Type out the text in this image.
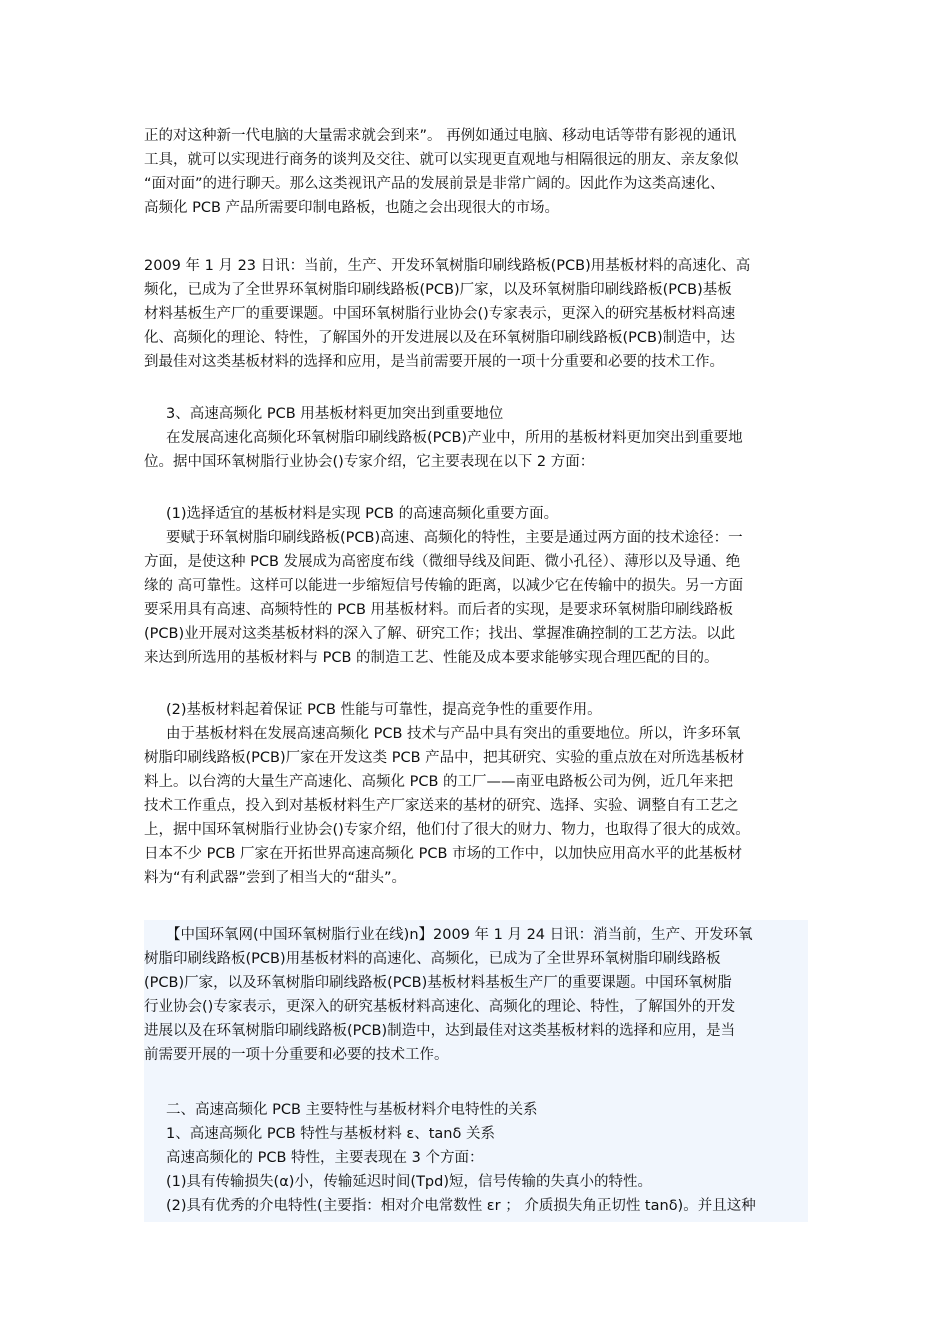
正的对这种新一代电脑的大量需求就会到来”。 再例如通过电脑、移动电话等带有影视的通讯
工具，就可以实现进行商务的谈判及交往、就可以实现更直观地与相隔很远的朋友、亲友象似
“面对面”的进行聊天。那么这类视讯产品的发展前景是非常广阔的。因此作为这类高速化、
高频化 PCB 产品所需要印制电路板，也随之会出现很大的市场。
2009 年 1 月 23 日讯：当前，生产、开发环氧树脂印刷线路板(PCB)用基板材料的高速化、高
频化，已成为了全世界环氧树脂印刷线路板(PCB)厂家，以及环氧树脂印刷线路板(PCB)基板
材料基板生产厂的重要课题。中国环氧树脂行业协会()专家表示，更深入的研究基板材料高速
化、高频化的理论、特性，了解国外的开发进展以及在环氧树脂印刷线路板(PCB)制造中，达
到最佳对这类基板材料的选择和应用，是当前需要开展的一项十分重要和必要的技术工作。
3、高速高频化 PCB 用基板材料更加突出到重要地位
在发展高速化高频化环氧树脂印刷线路板(PCB)产业中，所用的基板材料更加突出到重要地
位。据中国环氧树脂行业协会()专家介绍，它主要表现在以下 2 方面：
(1)选择适宜的基板材料是实现 PCB 的高速高频化重要方面。
要赋于环氧树脂印刷线路板(PCB)高速、高频化的特性，主要是通过两方面的技术途径：一
方面，是使这种 PCB 发展成为高密度布线（微细导线及间距、微小孔径）、薄形以及导通、绝
缘的 高可靠性。这样可以能进一步缩短信号传输的距离，以减少它在传输中的损失。另一方面
要采用具有高速、高频特性的 PCB 用基板材料。而后者的实现，是要求环氧树脂印刷线路板
(PCB)业开展对这类基板材料的深入了解、研究工作；找出、掌握准确控制的工艺方法。以此
来达到所选用的基板材料与 PCB 的制造工艺、性能及成本要求能够实现合理匹配的目的。
(2)基板材料起着保证 PCB 性能与可靠性，提高竞争性的重要作用。
由于基板材料在发展高速高频化 PCB 技术与产品中具有突出的重要地位。所以，许多环氧
树脂印刷线路板(PCB)厂家在开发这类 PCB 产品中，把其研究、实验的重点放在对所选基板材
料上。以台湾的大量生产高速化、高频化 PCB 的工厂——南亚电路板公司为例，近几年来把
技术工作重点，投入到对基板材料生产厂家送来的基材的研究、选择、实验、调整自有工艺之
上，据中国环氧树脂行业协会()专家介绍，他们付了很大的财力、物力，也取得了很大的成效。
日本不少 PCB 厂家在开拓世界高速高频化 PCB 市场的工作中，以加快应用高水平的此基板材
料为“有利武器”尝到了相当大的“甜头”。
【中国环氧网(中国环氧树脂行业在线)n】2009 年 1 月 24 日讯：消当前，生产、开发环氧
树脂印刷线路板(PCB)用基板材料的高速化、高频化，已成为了全世界环氧树脂印刷线路板
(PCB)厂家，以及环氧树脂印刷线路板(PCB)基板材料基板生产厂的重要课题。中国环氧树脂
行业协会()专家表示，更深入的研究基板材料高速化、高频化的理论、特性，了解国外的开发
进展以及在环氧树脂印刷线路板(PCB)制造中，达到最佳对这类基板材料的选择和应用，是当
前需要开展的一项十分重要和必要的技术工作。
二、高速高频化 PCB 主要特性与基板材料介电特性的关系
1、高速高频化 PCB 特性与基板材料 ε、tanδ 关系
高速高频化的 PCB 特性，主要表现在 3 个方面：
(1)具有传输损失(α)小，传输延迟时间(Tpd)短，信号传输的失真小的特性。
(2)具有优秀的介电特性(主要指：相对介电常数性 εr ； 介质损失角正切性 tanδ)。并且这种
